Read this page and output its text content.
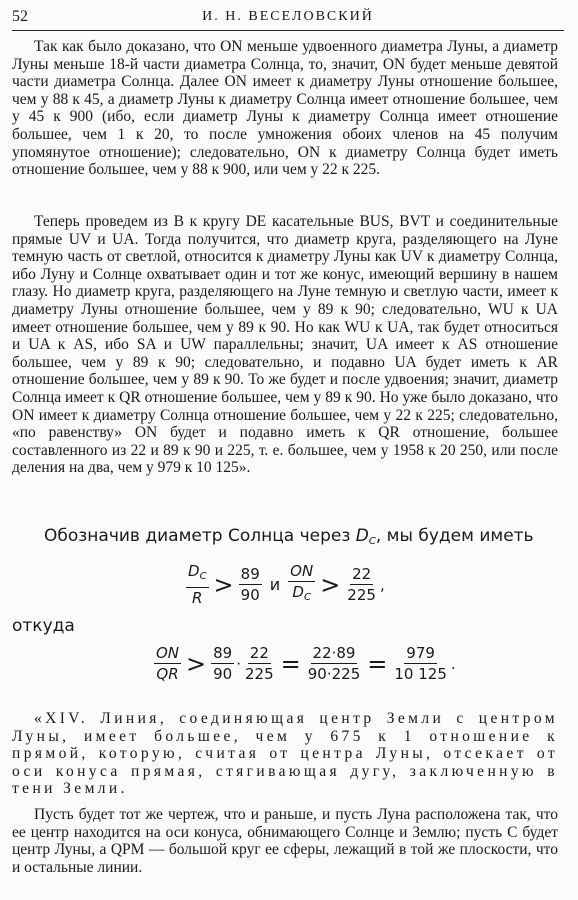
52	И. Н. ВЕСЕЛОВСКИЙ

Так как было доказано, что ON меньше удвоенного диаметра Луны, а диаметр Луны меньше 18-й части диаметра Солнца, то, значит, ON будет меньше девятой части диаметра Солнца. Далее ON имеет к диаметру Луны отношение большее, чем у 88 к 45, а диаметр Луны к диаметру Солнца имеет отношение большее, чем у 45 к 900 (ибо, если диаметр Луны к диаметру Солнца имеет отношение большее, чем 1 к 20, то после умножения обоих членов на 45 получим упомянутое отношение); следовательно, ON к диаметру Солнца будет иметь отношение большее, чем у 88 к 900, или чем у 22 к 225.

Теперь проведем из B к кругу DE касательные BUS, BVT и соединительные прямые UV и UA. Тогда получится, что диаметр круга, разделяющего на Луне темную часть от светлой, относится к диаметру Луны как UV к диаметру Солнца, ибо Луну и Солнце охватывает один и тот же конус, имеющий вершину в нашем глазу. Но диаметр круга, разделяющего на Луне темную и светлую части, имеет к диаметру Луны отношение большее, чем у 89 к 90; следовательно, WU к UA имеет отношение большее, чем у 89 к 90. Но как WU к UA, так будет относиться и UA к AS, ибо SA и UW параллельны; значит, UA имеет к AS отношение большее, чем у 89 к 90; следовательно, и подавно UA будет иметь к AR отношение большее, чем у 89 к 90. То же будет и после удвоения; значит, диаметр Солнца имеет к QR отношение большее, чем у 89 к 90. Но уже было доказано, что ON имеет к диаметру Солнца отношение большее, чем у 22 к 225; следовательно, «по равенству» ON будет и подавно иметь к QR отношение, большее составленного из 22 и 89 к 90 и 225, т. е. большее, чем у 1958 к 20 250, или после деления на два, чем у 979 к 10 125».

Обозначив диаметр Солнца через $D_С$, мы будем иметь
$\frac{D_С}{R} > \frac{89}{90}$ и $\frac{ON}{D_С} > \frac{22}{225}$ ,
откуда
$\frac{ON}{QR} > \frac{89}{90} \cdot \frac{22}{225} = \frac{22\cdot 89}{90\cdot 225} = \frac{979}{10 125}$ .

«XIV. Линия, соединяющая центр Земли с центром Луны, имеет большее, чем у 675 к 1 отношение к прямой, которую, считая от центра Луны, отсекает от оси конуса прямая, стягивающая дугу, заключенную в тени Земли.

Пусть будет тот же чертеж, что и раньше, и пусть Луна расположена так, что ее центр находится на оси конуса, обнимающего Солнце и Землю; пусть C будет центр Луны, а QPM — большой круг ее сферы, лежащий в той же плоскости, что и остальные линии.
